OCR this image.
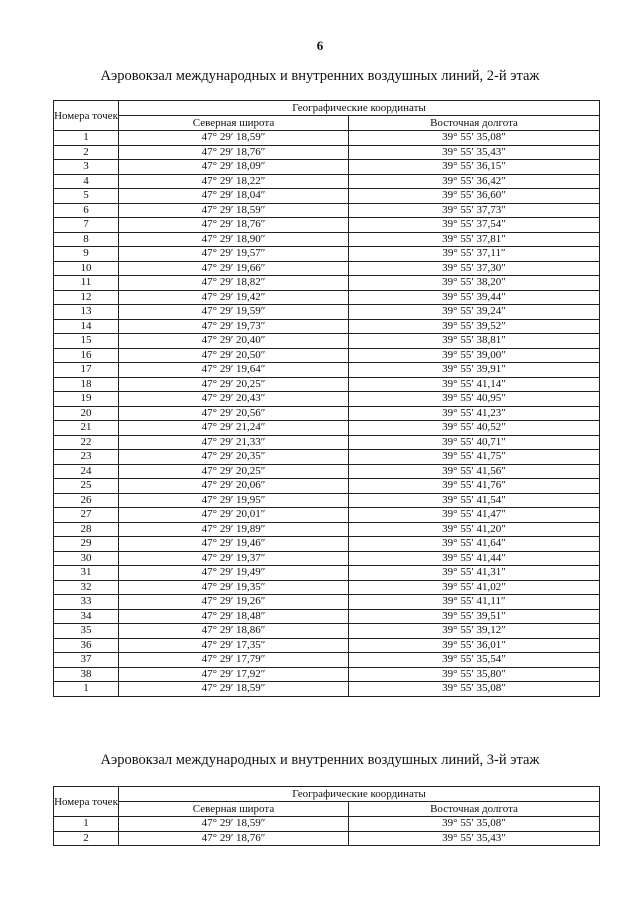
6
Аэровокзал международных и внутренних воздушных линий, 2-й этаж
Номера точек	Географические координаты	
	Северная широта	Восточная долгота
1	47° 29′ 18,59″	39° 55′ 35,08″
2	47° 29′ 18,76″	39° 55′ 35,43″
3	47° 29′ 18,09″	39° 55′ 36,15″
4	47° 29′ 18,22″	39° 55′ 36,42″
5	47° 29′ 18,04″	39° 55′ 36,60″
6	47° 29′ 18,59″	39° 55′ 37,73″
7	47° 29′ 18,76″	39° 55′ 37,54″
8	47° 29′ 18,90″	39° 55′ 37,81″
9	47° 29′ 19,57″	39° 55′ 37,11″
10	47° 29′ 19,66″	39° 55′ 37,30″
11	47° 29′ 18,82″	39° 55′ 38,20″
12	47° 29′ 19,42″	39° 55′ 39,44″
13	47° 29′ 19,59″	39° 55′ 39,24″
14	47° 29′ 19,73″	39° 55′ 39,52″
15	47° 29′ 20,40″	39° 55′ 38,81″
16	47° 29′ 20,50″	39° 55′ 39,00″
17	47° 29′ 19,64″	39° 55′ 39,91″
18	47° 29′ 20,25″	39° 55′ 41,14″
19	47° 29′ 20,43″	39° 55′ 40,95″
20	47° 29′ 20,56″	39° 55′ 41,23″
21	47° 29′ 21,24″	39° 55′ 40,52″
22	47° 29′ 21,33″	39° 55′ 40,71″
23	47° 29′ 20,35″	39° 55′ 41,75″
24	47° 29′ 20,25″	39° 55′ 41,56″
25	47° 29′ 20,06″	39° 55′ 41,76″
26	47° 29′ 19,95″	39° 55′ 41,54″
27	47° 29′ 20,01″	39° 55′ 41,47″
28	47° 29′ 19,89″	39° 55′ 41,20″
29	47° 29′ 19,46″	39° 55′ 41,64″
30	47° 29′ 19,37″	39° 55′ 41,44″
31	47° 29′ 19,49″	39° 55′ 41,31″
32	47° 29′ 19,35″	39° 55′ 41,02″
33	47° 29′ 19,26″	39° 55′ 41,11″
34	47° 29′ 18,48″	39° 55′ 39,51″
35	47° 29′ 18,86″	39° 55′ 39,12″
36	47° 29′ 17,35″	39° 55′ 36,01″
37	47° 29′ 17,79″	39° 55′ 35,54″
38	47° 29′ 17,92″	39° 55′ 35,80″
1	47° 29′ 18,59″	39° 55′ 35,08″
Аэровокзал международных и внутренних воздушных линий, 3-й этаж
Номера точек	Географические координаты	
	Северная широта	Восточная долгота
1	47° 29′ 18,59″	39° 55′ 35,08″
2	47° 29′ 18,76″	39° 55′ 35,43″
